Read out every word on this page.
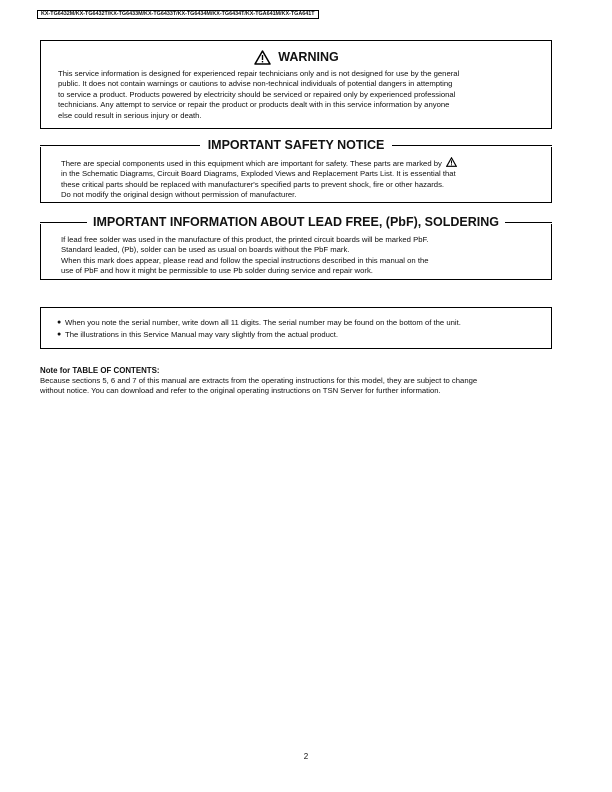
KX-TG6432M/KX-TG6432T/KX-TG6433M/KX-TG6433T/KX-TG6434M/KX-TG6434T/KX-TGA641M/KX-TGA641T
WARNING

This service information is designed for experienced repair technicians only and is not designed for use by the general

public. It does not contain warnings or cautions to advise non-technical individuals of potential dangers in attempting

to service a product. Products powered by electricity should be serviced or repaired only by experienced professional

technicians. Any attempt to service or repair the product or products dealt with in this service information by anyone

else could result in serious injury or death.

IMPORTANT SAFETY NOTICE

There are special components used in this equipment which are important for safety. These parts are marked by

in the Schematic Diagrams, Circuit Board Diagrams, Exploded Views and Replacement Parts List. It is essential that

these critical parts should be replaced with manufacturer's specified parts to prevent shock, fire or other hazards.

Do not modify the original design without permission of manufacturer.

IMPORTANT INFORMATION ABOUT LEAD FREE, (PbF), SOLDERING

If lead free solder was used in the manufacture of this product, the printed circuit boards will be marked PbF.

Standard leaded, (Pb), solder can be used as usual on boards without the PbF mark.

When this mark does appear, please read and follow the special instructions described in this manual on the

use of PbF and how it might be permissible to use Pb solder during service and repair work.

● When you note the serial number, write down all 11 digits. The serial number may be found on the bottom of the unit.
● The illustrations in this Service Manual may vary slightly from the actual product.
Note for TABLE OF CONTENTS:

Because sections 5, 6 and 7 of this manual are extracts from the operating instructions for this model, they are subject to change

without notice. You can download and refer to the original operating instructions on TSN Server for further information.

2
